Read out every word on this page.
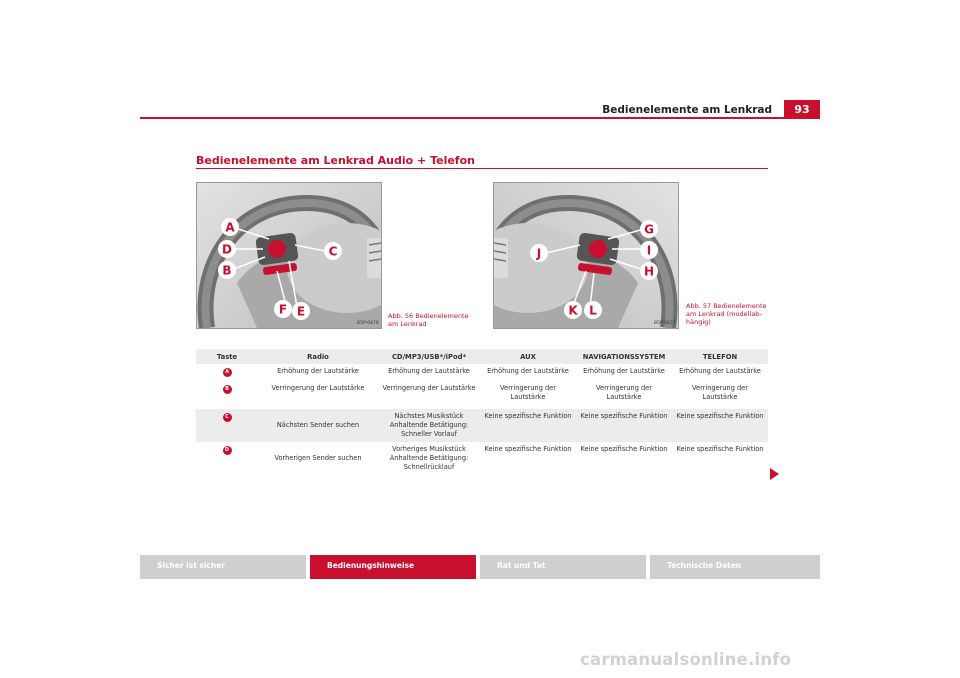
Bedienelemente am Lenkrad	93
Bedienelemente am Lenkrad Audio + Telefon
A
D
B
C
F E
B5P-0470
Abb. 56 Bedienelemente
am Lenkrad
G
I
H
J
K L
B5P-0471
Abb. 57 Bedienelemente
am Lenkrad (modellab-
hängig)
Taste	Radio	CD/MP3/USB*/iPod*	AUX	NAVIGATIONSSYSTEM	TELEFON
A	Erhöhung der Lautstärke	Erhöhung der Lautstärke	Erhöhung der Lautstärke	Erhöhung der Lautstärke	Erhöhung der Lautstärke
B	Verringerung der Lautstärke	Verringerung der Lautstärke	Verringerung der Lautstärke	Verringerung der Lautstärke	Verringerung der Lautstärke
C	Nächsten Sender suchen	Nächstes Musikstück Anhaltende Betätigung: Schneller Vorlauf	Keine spezifische Funktion	Keine spezifische Funktion	Keine spezifische Funktion
D	Vorherigen Sender suchen	Vorheriges Musikstück Anhaltende Betätigung: Schnellrücklauf	Keine spezifische Funktion	Keine spezifische Funktion	Keine spezifische Funktion
Sicher ist sicher	Bedienungshinweise	Rat und Tat	Technische Daten
carmanualsonline.info
